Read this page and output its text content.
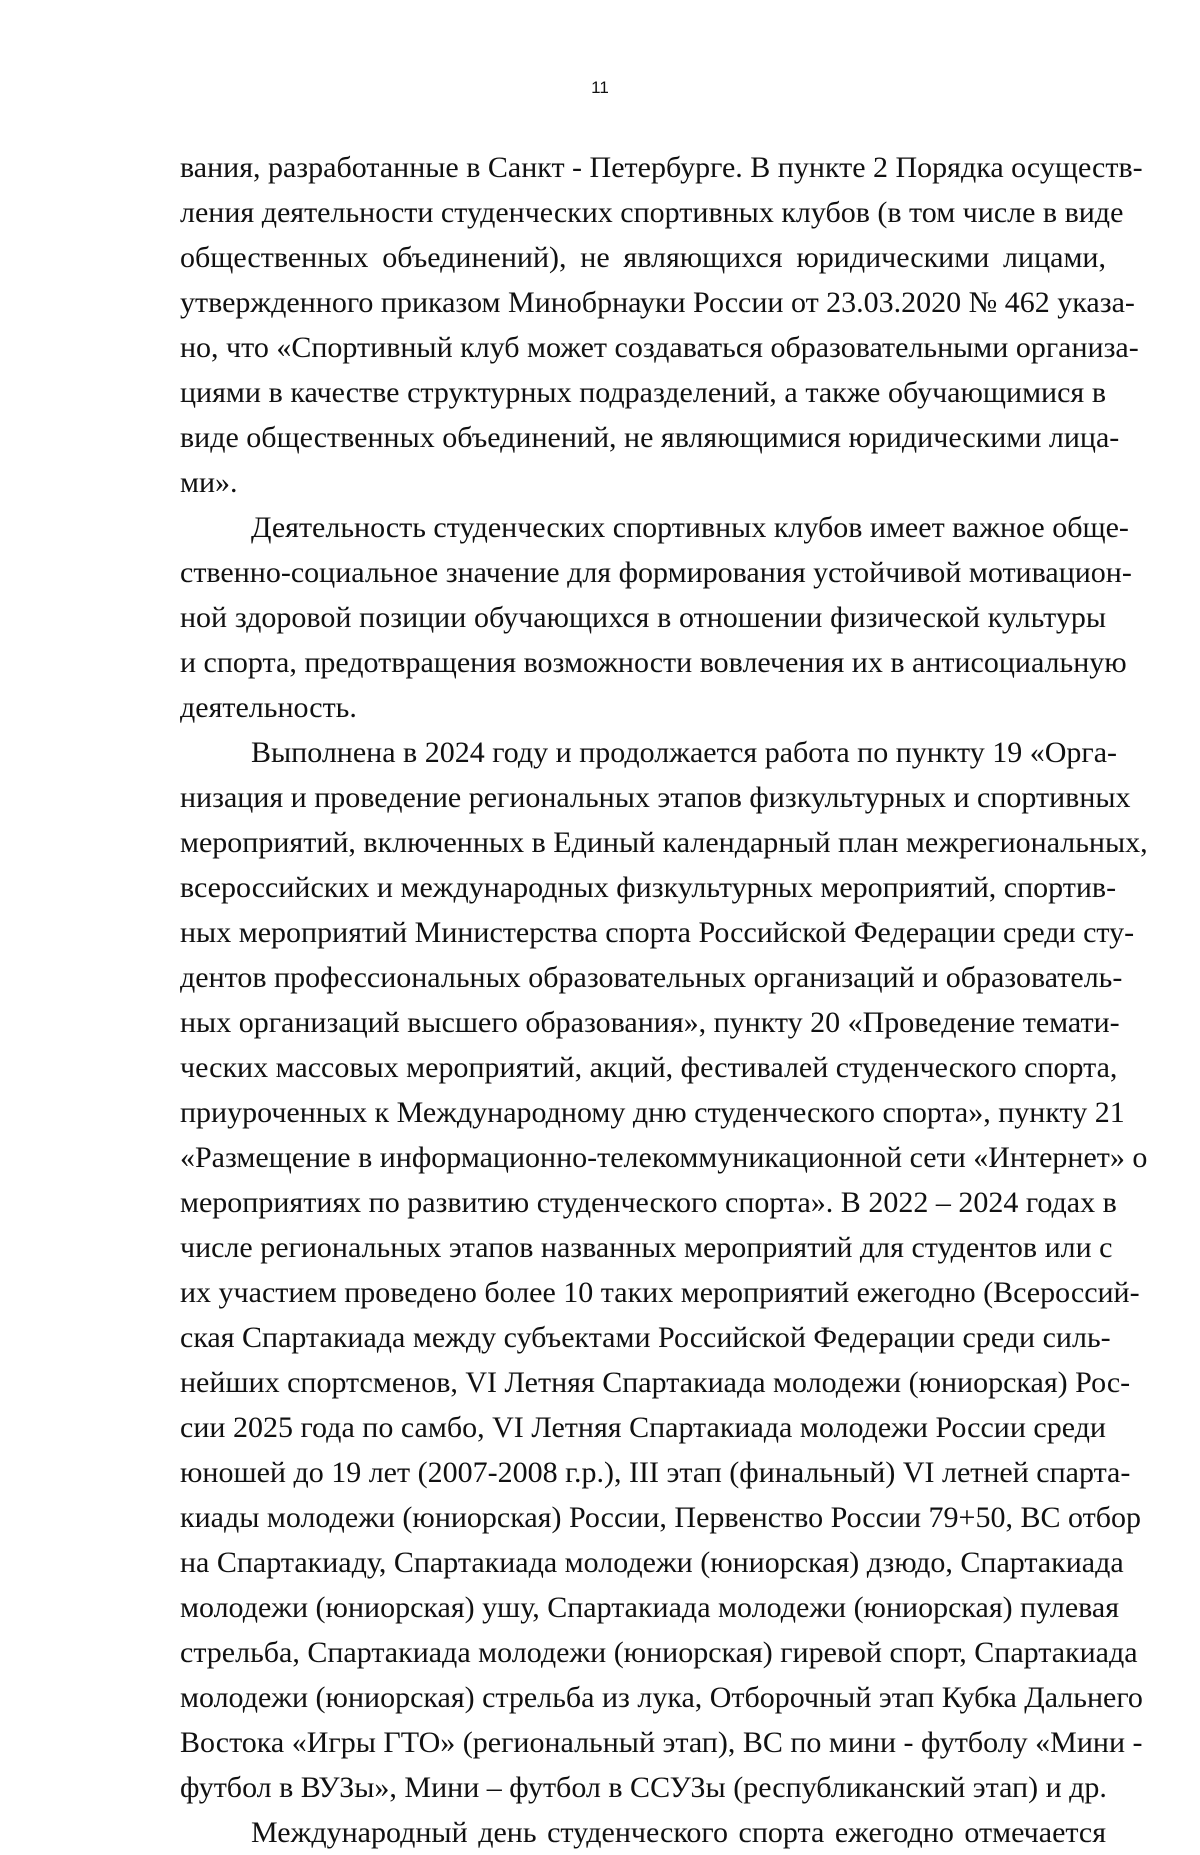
11
вания, разработанные в Санкт - Петербурге. В пункте 2 Порядка осуществ-
ления деятельности студенческих спортивных клубов (в том числе в виде
общественных объединений), не являющихся юридическими лицами,
утвержденного приказом Минобрнауки России от 23.03.2020 № 462 указа-
но, что «Спортивный клуб может создаваться образовательными организа-
циями в качестве структурных подразделений, а также обучающимися в
виде общественных объединений, не являющимися юридическими лица-
ми».
Деятельность студенческих спортивных клубов имеет важное обще-
ственно-социальное значение для формирования устойчивой мотивацион-
ной здоровой позиции обучающихся в отношении физической культуры
и спорта, предотвращения возможности вовлечения их в антисоциальную
деятельность.
Выполнена в 2024 году и продолжается работа по пункту 19 «Орга-
низация и проведение региональных этапов физкультурных и спортивных
мероприятий, включенных в Единый календарный план межрегиональных,
всероссийских и международных физкультурных мероприятий, спортив-
ных мероприятий Министерства спорта Российской Федерации среди сту-
дентов профессиональных образовательных организаций и образователь-
ных организаций высшего образования», пункту 20 «Проведение темати-
ческих массовых мероприятий, акций, фестивалей студенческого спорта,
приуроченных к Международному дню студенческого спорта», пункту 21
«Размещение в информационно-телекоммуникационной сети «Интернет» о
мероприятиях по развитию студенческого спорта». В 2022 – 2024 годах в
числе региональных этапов названных мероприятий для студентов или с
их участием проведено более 10 таких мероприятий ежегодно (Всероссий-
ская Спартакиада между субъектами Российской Федерации среди силь-
нейших спортсменов, VI Летняя Спартакиада молодежи (юниорская) Рос-
сии 2025 года по самбо, VI Летняя Спартакиада молодежи России среди
юношей до 19 лет (2007-2008 г.р.), III этап (финальный) VI летней спарта-
киады молодежи (юниорская) России, Первенство России 79+50, ВС отбор
на Спартакиаду, Спартакиада молодежи (юниорская) дзюдо, Спартакиада
молодежи (юниорская) ушу, Спартакиада молодежи (юниорская) пулевая
стрельба, Спартакиада молодежи (юниорская) гиревой спорт, Спартакиада
молодежи (юниорская) стрельба из лука, Отборочный этап Кубка Дальнего
Востока «Игры ГТО» (региональный этап), ВС по мини - футболу «Мини -
футбол в ВУЗы», Мини – футбол в ССУЗы (республиканский этап) и др.
Международный день студенческого спорта ежегодно отмечается
